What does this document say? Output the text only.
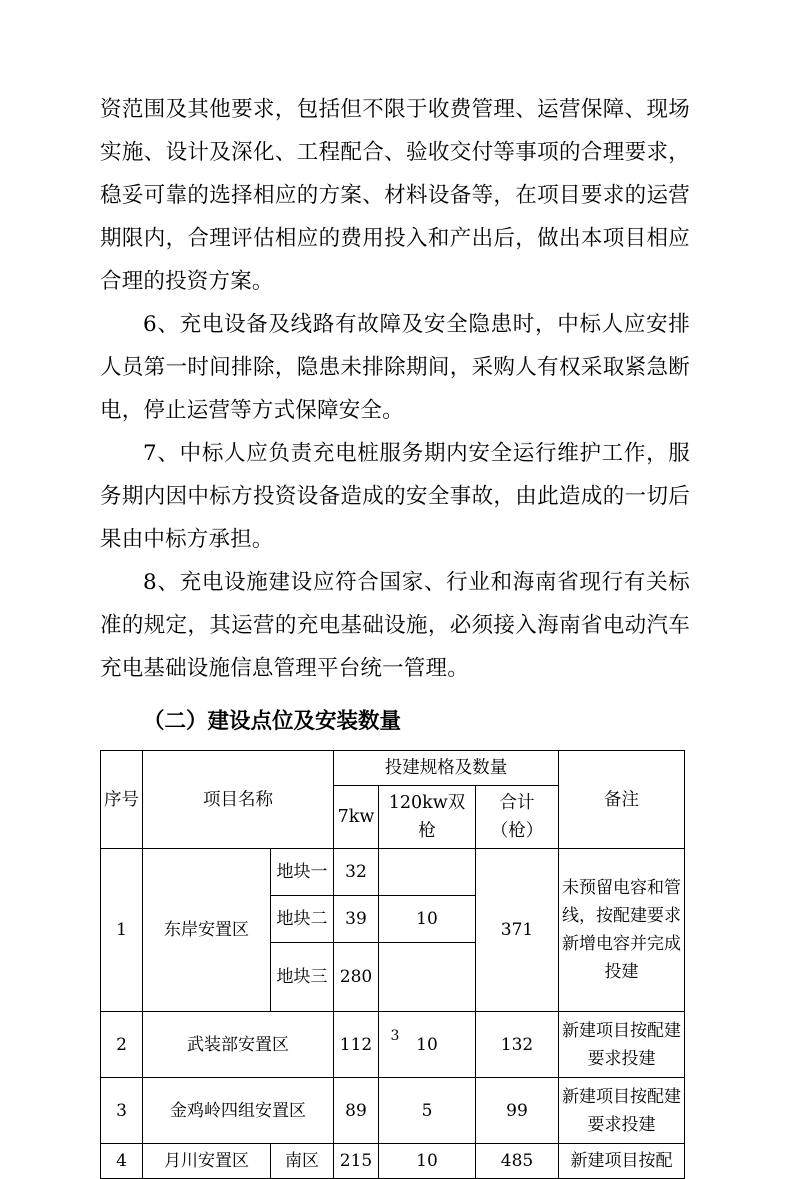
资范围及其他要求，包括但不限于收费管理、运营保障、现场实施、设计及深化、工程配合、验收交付等事项的合理要求，稳妥可靠的选择相应的方案、材料设备等，在项目要求的运营期限内，合理评估相应的费用投入和产出后，做出本项目相应合理的投资方案。

6、充电设备及线路有故障及安全隐患时，中标人应安排人员第一时间排除，隐患未排除期间，采购人有权采取紧急断电，停止运营等方式保障安全。

7、中标人应负责充电桩服务期内安全运行维护工作，服务期内因中标方投资设备造成的安全事故，由此造成的一切后果由中标方承担。

8、充电设施建设应符合国家、行业和海南省现行有关标准的规定，其运营的充电基础设施，必须接入海南省电动汽车充电基础设施信息管理平台统一管理。

（二）建设点位及安装数量
序号	项目名称		投建规格及数量			备注
			7kw	120kw双枪	合计（枪）	
1	东岸安置区	地块一	32		371	未预留电容和管线，按配建要求新增电容并完成投建
		地块二	39	10		
		地块三	280			
2	武装部安置区		112	10	132	新建项目按配建要求投建
3	金鸡岭四组安置区		89	5	99	新建项目按配建要求投建
4	月川安置区	南区	215	10	485	新建项目按配
3
